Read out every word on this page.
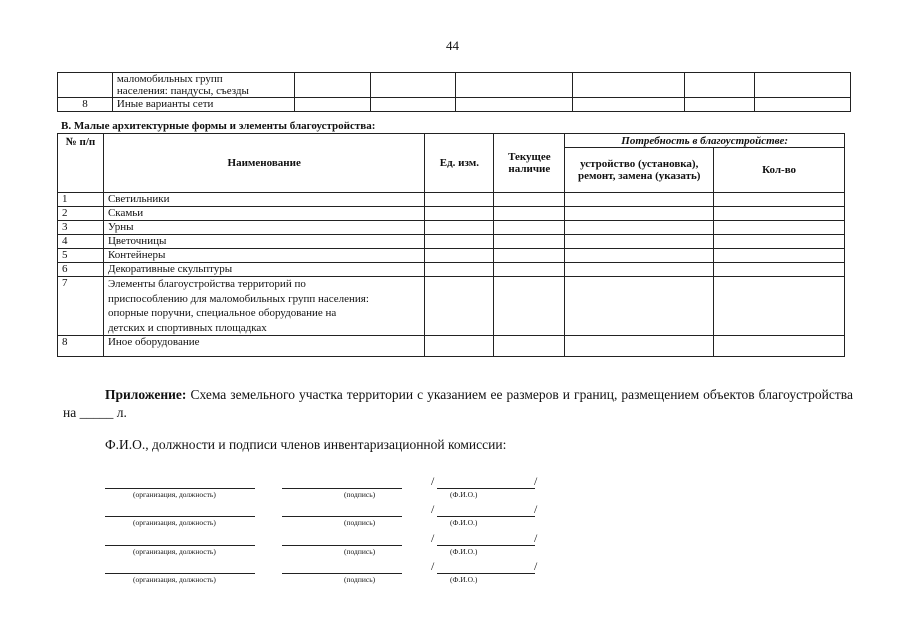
44

	маломобильных групп
населения: пандусы, съезды						

8	Иные варианты сети						
В. Малые архитектурные формы и элементы благоустройства:
№ п/п	Наименование	Ед. изм.	Текущее наличие	Потребность в благоустройстве:	
				устройство (установка), ремонт, замена (указать)	Кол-во
1	Светильники				
2	Скамьи				
3	Урны				
4	Цветочницы				
5	Контейнеры				
6	Декоративные скульптуры				
7	Элементы благоустройства территорий по
приспособлению для маломобильных групп населения:
опорные поручни, специальное оборудование на
детских и спортивных площадках				

8	Иное оборудование				
Приложение: Схема земельного участка территории с указанием ее размеров и границ, размещением объектов благоустройства на _____ л.
Ф.И.О., должности и подписи членов инвентаризационной комиссии:
/	/
(организация, должность)	(подпись)	(Ф.И.О.)
/	/
(организация, должность)	(подпись)	(Ф.И.О.)
/	/
(организация, должность)	(подпись)	(Ф.И.О.)
/	/
(организация, должность)	(подпись)	(Ф.И.О.)
